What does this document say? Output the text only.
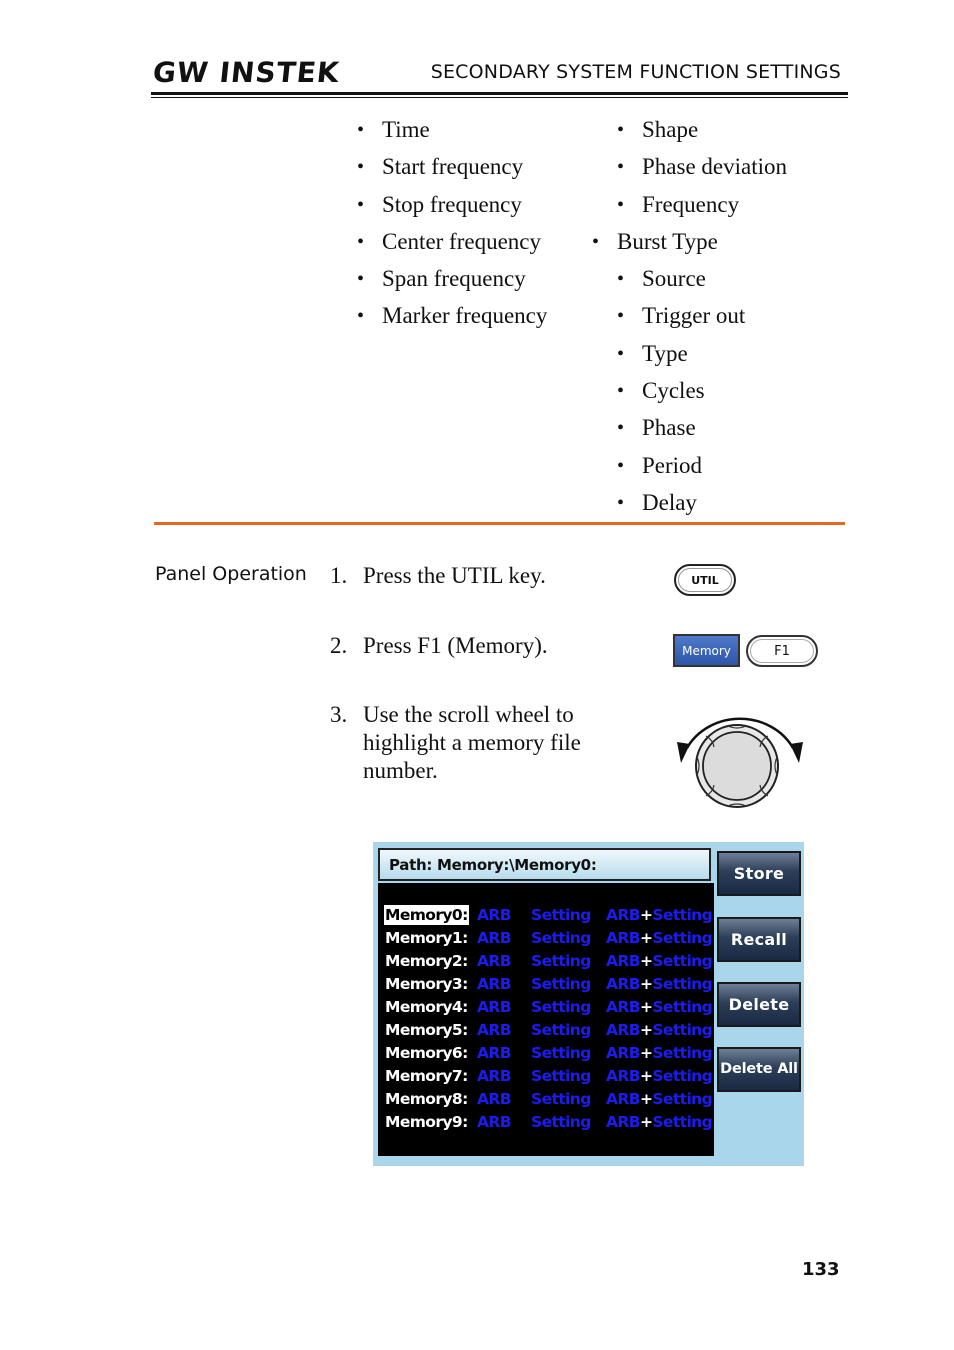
GW INSTEK	SECONDARY SYSTEM FUNCTION SETTINGS
• Time
• Start frequency
• Stop frequency
• Center frequency
• Span frequency
• Marker frequency
• Shape
• Phase deviation
• Frequency
• Burst Type
• Source
• Trigger out
• Type
• Cycles
• Phase
• Period
• Delay
Panel Operation 1. Press the UTIL key.
2. Press F1 (Memory).
3. Use the scroll wheel to highlight a memory file number.
UTIL
Memory	F1
Path: Memory:\Memory0:
Memory0: ARB Setting ARB+Setting
Memory1: ARB Setting ARB+Setting
Memory2: ARB Setting ARB+Setting
Memory3: ARB Setting ARB+Setting
Memory4: ARB Setting ARB+Setting
Memory5: ARB Setting ARB+Setting
Memory6: ARB Setting ARB+Setting
Memory7: ARB Setting ARB+Setting
Memory8: ARB Setting ARB+Setting
Memory9: ARB Setting ARB+Setting
Store
Recall
Delete
Delete All
133
